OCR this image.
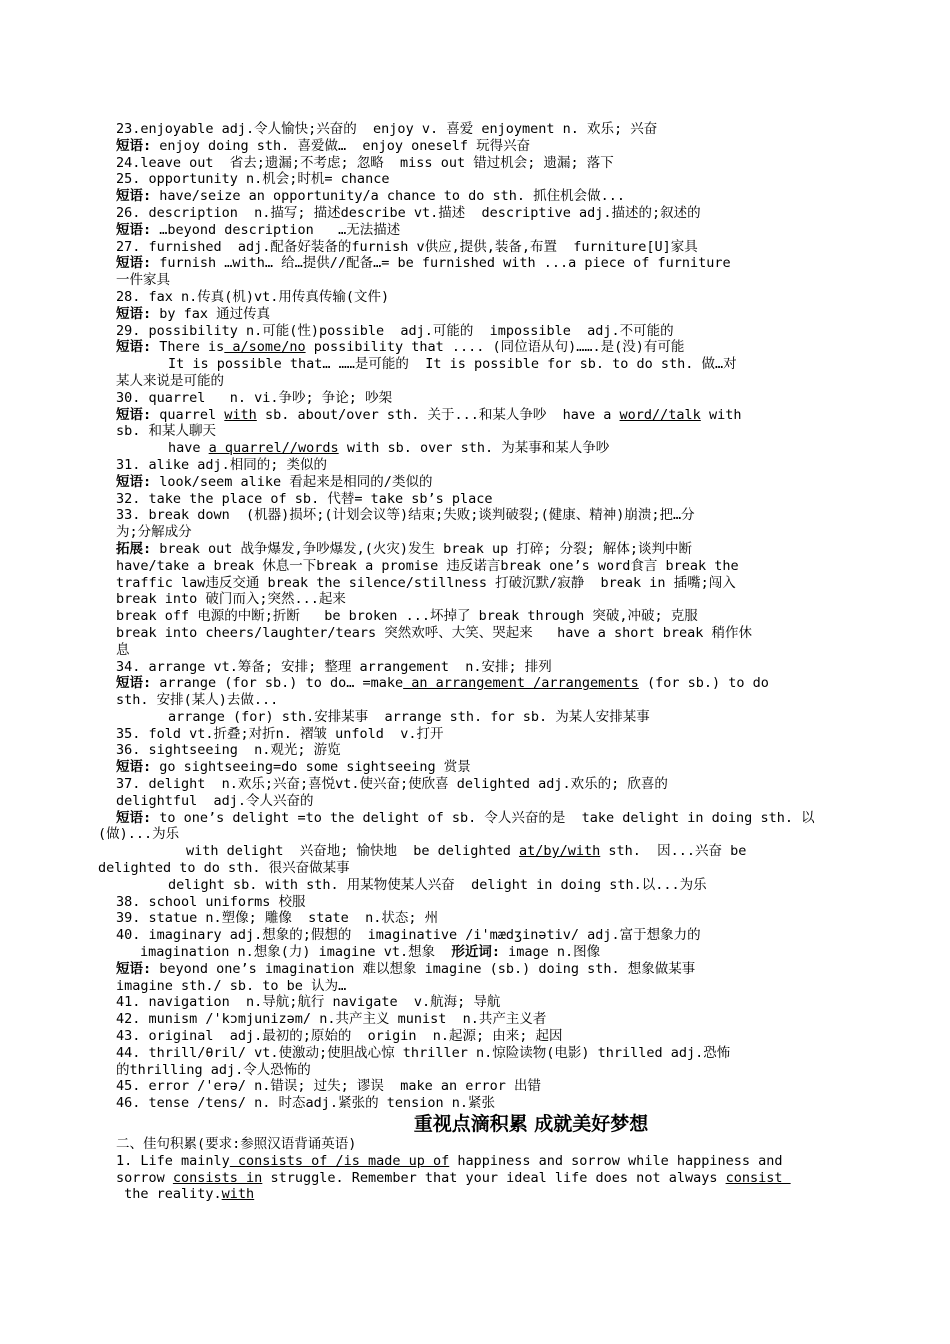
23.enjoyable adj.令人愉快;兴奋的  enjoy v. 喜爱 enjoyment n. 欢乐; 兴奋
短语: enjoy doing sth. 喜爱做…  enjoy oneself 玩得兴奋
24.leave out  省去;遗漏;不考虑; 忽略  miss out 错过机会; 遗漏; 落下
25. opportunity n.机会;时机= chance
短语: have/seize an opportunity/a chance to do sth. 抓住机会做...
26. description  n.描写; 描述describe vt.描述  descriptive adj.描述的;叙述的
短语: …beyond description   …无法描述
27. furnished  adj.配备好装备的furnish v供应,提供,装备,布置  furniture[U]家具
短语: furnish …with… 给…提供//配备…= be furnished with ...a piece of furniture
一件家具
28. fax n.传真(机)vt.用传真传输(文件)
短语: by fax 通过传真
29. possibility n.可能(性)possible  adj.可能的  impossible  adj.不可能的
短语: There is a/some/no possibility that .... (同位语从句)…….是(没)有可能
It is possible that… ……是可能的  It is possible for sb. to do sth. 做…对
某人来说是可能的
30. quarrel   n. vi.争吵; 争论; 吵架
短语: quarrel with sb. about/over sth. 关于...和某人争吵  have a word//talk with
sb. 和某人聊天
have a quarrel//words with sb. over sth. 为某事和某人争吵
31. alike adj.相同的; 类似的
短语: look/seem alike 看起来是相同的/类似的
32. take the place of sb. 代替= take sb’s place
33. break down  (机器)损坏;(计划会议等)结束;失败;谈判破裂;(健康、精神)崩溃;把…分
为;分解成分
拓展: break out 战争爆发,争吵爆发,(火灾)发生 break up 打碎; 分裂; 解体;谈判中断
have/take a break 休息一下break a promise 违反诺言break one’s word食言 break the
traffic law违反交通 break the silence/stillness 打破沉默/寂静  break in 插嘴;闯入
break into 破门而入;突然...起来
break off 电源的中断;折断   be broken ...坏掉了 break through 突破,冲破; 克服
break into cheers/laughter/tears 突然欢呼、大笑、哭起来   have a short break 稍作休
息
34. arrange vt.筹备; 安排; 整理 arrangement  n.安排; 排列
短语: arrange (for sb.) to do… =make an arrangement /arrangements (for sb.) to do
sth. 安排(某人)去做...
arrange (for) sth.安排某事  arrange sth. for sb. 为某人安排某事
35. fold vt.折叠;对折n. 褶皱 unfold  v.打开
36. sightseeing  n.观光; 游览
短语: go sightseeing=do some sightseeing 赏景
37. delight  n.欢乐;兴奋;喜悦vt.使兴奋;使欣喜 delighted adj.欢乐的; 欣喜的
delightful  adj.令人兴奋的
短语: to one’s delight =to the delight of sb. 令人兴奋的是  take delight in doing sth. 以
(做)...为乐
with delight  兴奋地; 愉快地  be delighted at/by/with sth.  因...兴奋 be
delighted to do sth. 很兴奋做某事
delight sb. with sth. 用某物使某人兴奋  delight in doing sth.以...为乐
38. school uniforms 校服
39. statue n.塑像; 雕像  state  n.状态; 州
40. imaginary adj.想象的;假想的  imaginative /i'mædʒinətiv/ adj.富于想象力的
imagination n.想象(力) imagine vt.想象  形近词: image n.图像
短语: beyond one’s imagination 难以想象 imagine (sb.) doing sth. 想象做某事
imagine sth./ sb. to be 认为…
41. navigation  n.导航;航行 navigate  v.航海; 导航
42. munism /'kɔmjunizəm/ n.共产主义 munist  n.共产主义者
43. original  adj.最初的;原始的  origin  n.起源; 由来; 起因
44. thrill/θril/ vt.使激动;使胆战心惊 thriller n.惊险读物(电影) thrilled adj.恐怖
的thrilling adj.令人恐怖的
45. error /'erə/ n.错误; 过失; 谬误  make an error 出错
46. tense /tens/ n. 时态adj.紧张的 tension n.紧张
重视点滴积累 成就美好梦想
二、佳句积累(要求:参照汉语背诵英语)
1. Life mainly consists of /is made up of happiness and sorrow while happiness and
sorrow consists in struggle. Remember that your ideal life does not always consist
the reality.with
